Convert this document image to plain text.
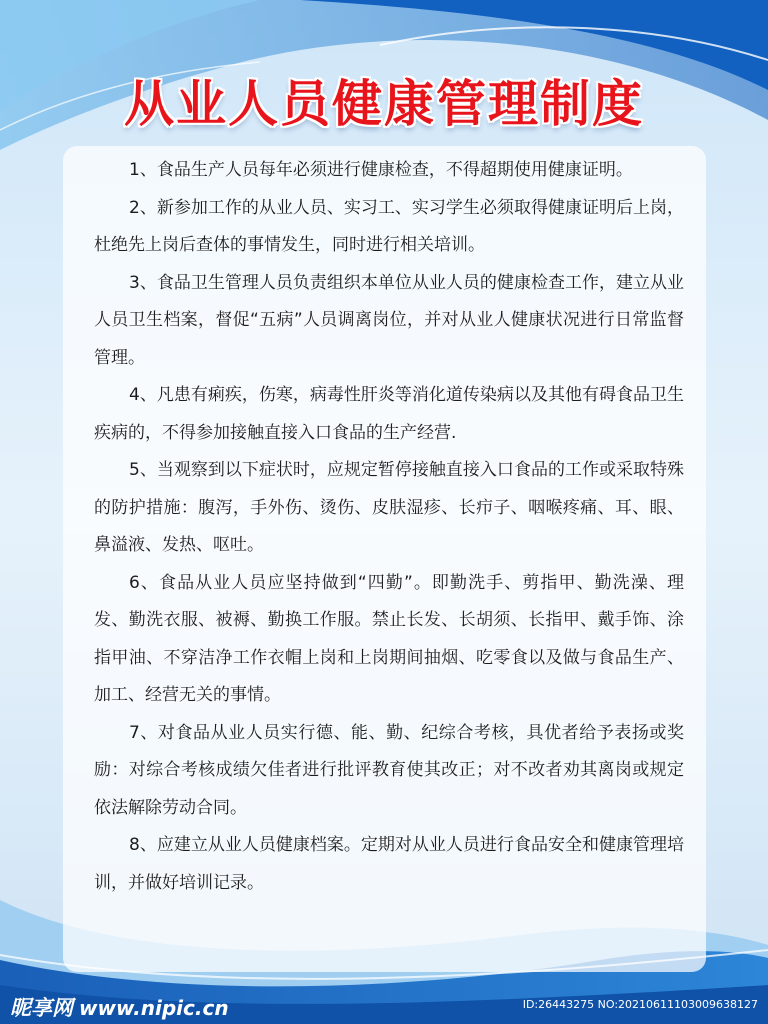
从业人员健康管理制度

1、食品生产人员每年必须进行健康检查，不得超期使用健康证明。

2、新参加工作的从业人员、实习工、实习学生必须取得健康证明后上岗，杜绝先上岗后查体的事情发生，同时进行相关培训。

3、食品卫生管理人员负责组织本单位从业人员的健康检查工作，建立从业人员卫生档案，督促“五病”人员调离岗位，并对从业人健康状况进行日常监督管理。

4、凡患有痢疾，伤寒，病毒性肝炎等消化道传染病以及其他有碍食品卫生疾病的，不得参加接触直接入口食品的生产经营.

5、当观察到以下症状时，应规定暂停接触直接入口食品的工作或采取特殊的防护措施：腹泻，手外伤、烫伤、皮肤湿疹、长疖子、咽喉疼痛、耳、眼、鼻溢液、发热、呕吐。

6、食品从业人员应坚持做到“四勤”。即勤洗手、剪指甲、勤洗澡、理发、勤洗衣服、被褥、勤换工作服。禁止长发、长胡须、长指甲、戴手饰、涂指甲油、不穿洁净工作衣帽上岗和上岗期间抽烟、吃零食以及做与食品生产、加工、经营无关的事情。

7、对食品从业人员实行德、能、勤、纪综合考核，具优者给予表扬或奖励：对综合考核成绩欠佳者进行批评教育使其改正；对不改者劝其离岗或规定依法解除劳动合同。

8、应建立从业人员健康档案。定期对从业人员进行食品安全和健康管理培训，并做好培训记录。

昵享网 www.nipic.cn	ID:26443275 NO:20210611103009638127
